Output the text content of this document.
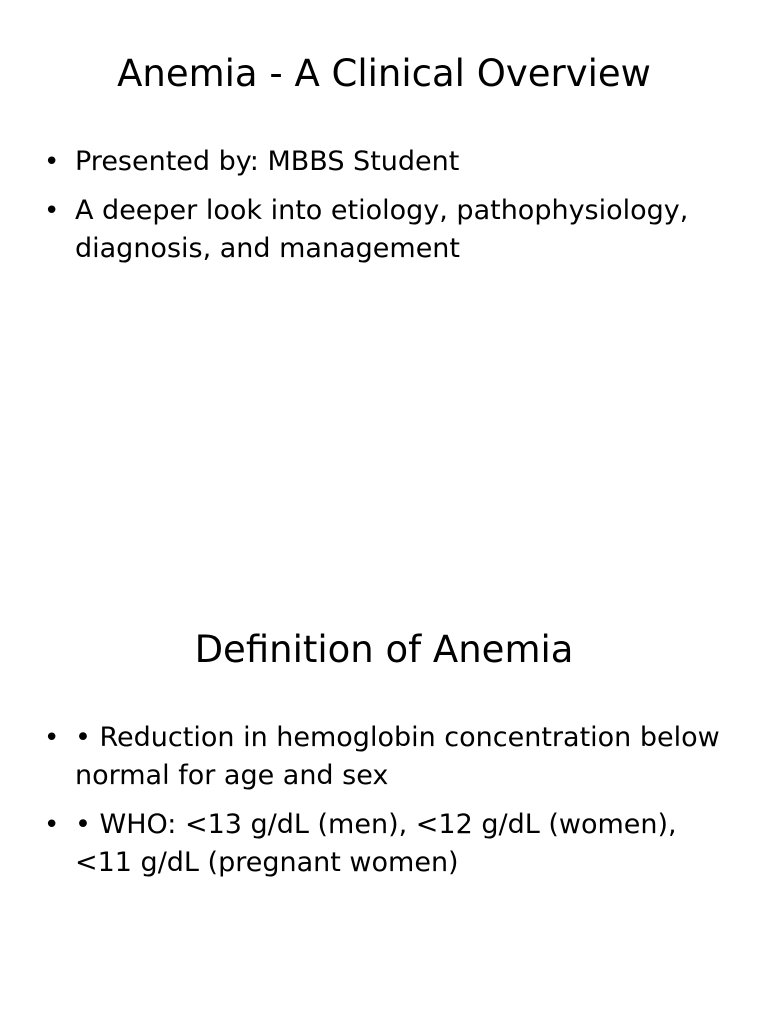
Anemia - A Clinical Overview
• Presented by: MBBS Student
• A deeper look into etiology, pathophysiology, diagnosis, and management
Definition of Anemia
• • Reduction in hemoglobin concentration below normal for age and sex
• • WHO: <13 g/dL (men), <12 g/dL (women), <11 g/dL (pregnant women)
